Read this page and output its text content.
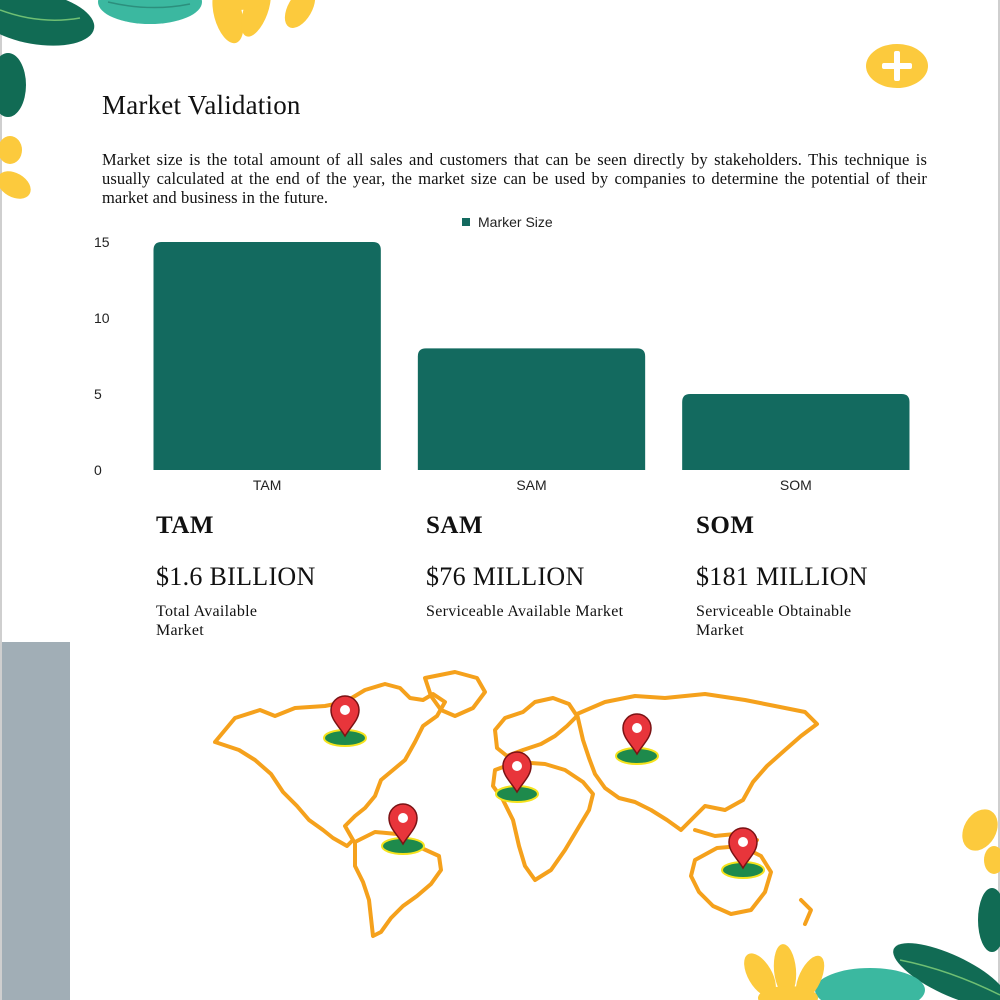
Market Validation

Market size is the total amount of all sales and customers that can be seen directly by stakeholders. This technique is usually calculated at the end of the year, the market size can be used by companies to determine the potential of their market and business in the future.

Marker Size
0
5
10
15
TAM	SAM	SOM
TAM
$1.6 BILLION
Total Available Market
SAM
$76 MILLION
Serviceable Available Market
SOM
$181 MILLION
Serviceable Obtainable Market
